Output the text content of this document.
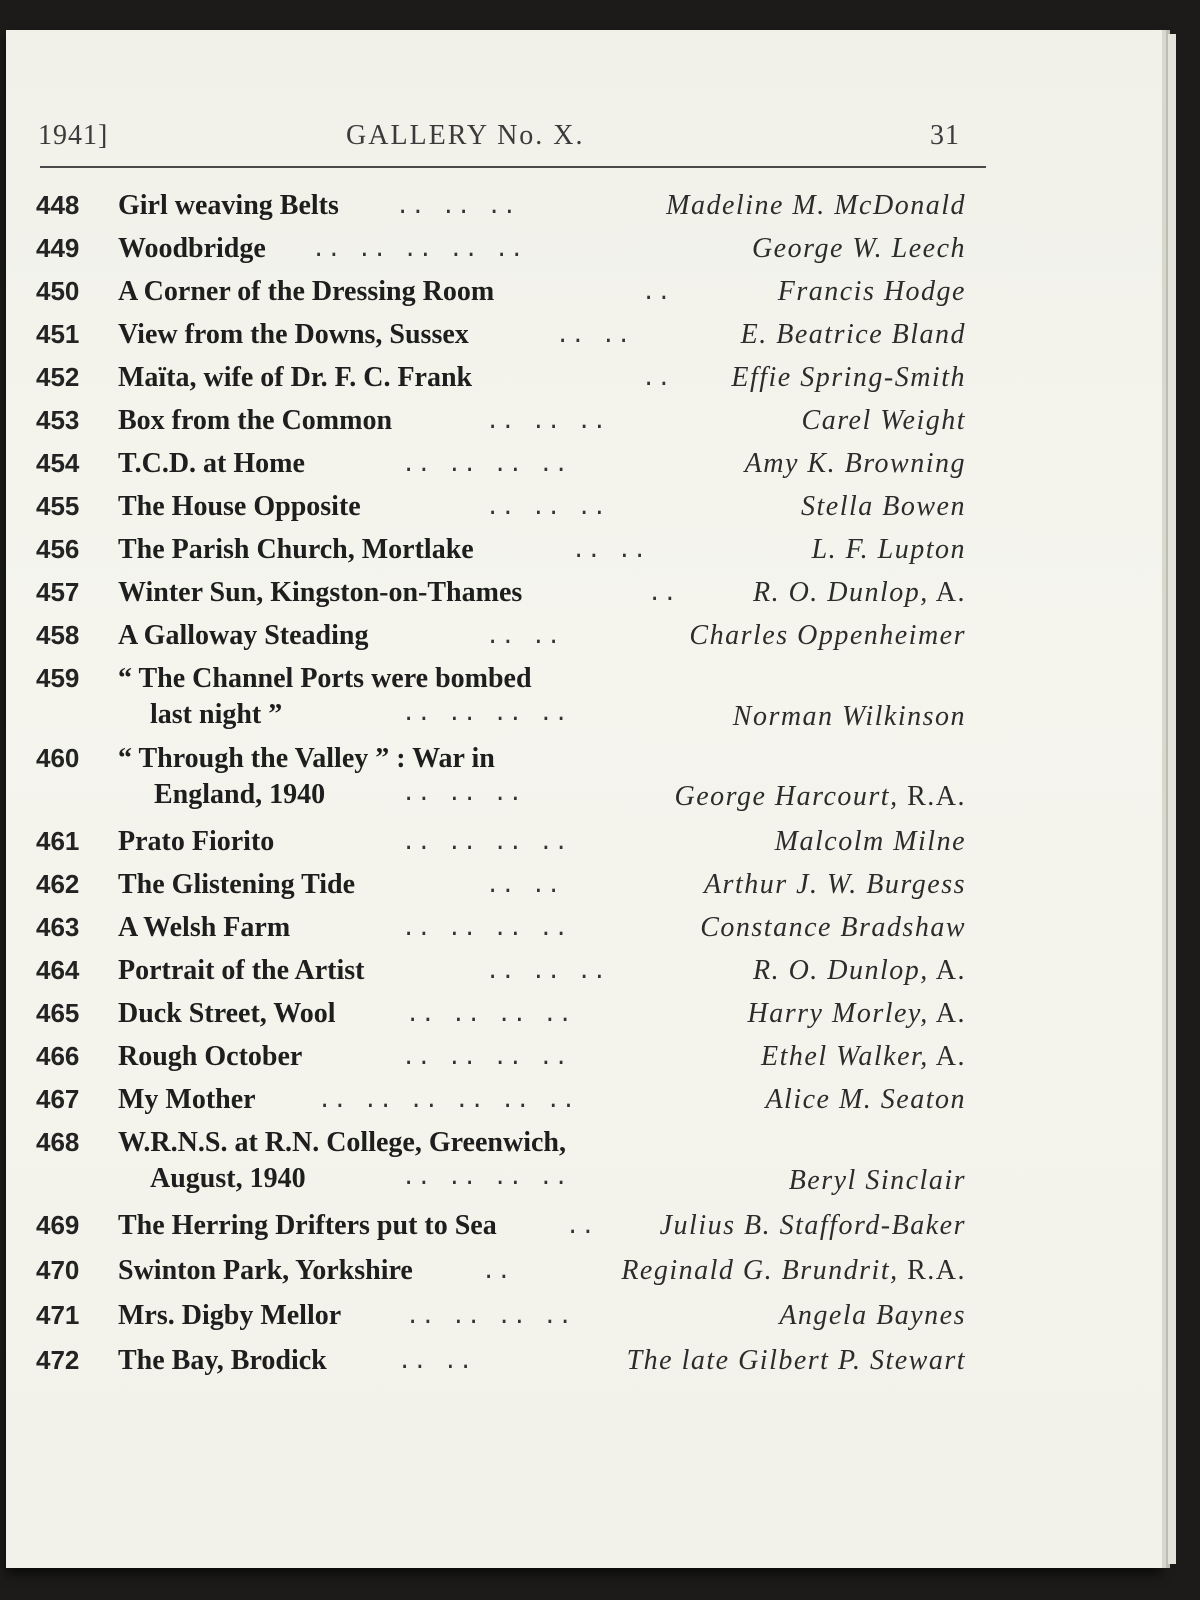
1941]	GALLERY No. X.	31
448	Girl weaving Belts	.. .. ..	Madeline M. McDonald
449	Woodbridge	.. .. .. .. ..	George W. Leech
450	A Corner of the Dressing Room	..	Francis Hodge
451	View from the Downs, Sussex	.. ..	E. Beatrice Bland
452	Maïta, wife of Dr. F. C. Frank	.. Effie Spring-Smith
453	Box from the Common	.. .. ..	Carel Weight
454	T.C.D. at Home	.. .. .. ..	Amy K. Browning
455	The House Opposite	.. .. ..	Stella Bowen
456	The Parish Church, Mortlake	.. ..	L. F. Lupton
457	Winter Sun, Kingston-on-Thames	..	R. O. Dunlop, A.
458	A Galloway Steading	.. ..	Charles Oppenheimer
459	“ The Channel Ports were bombed
last night ”	.. .. .. ..	Norman Wilkinson
460	“ Through the Valley ” : War in
England, 1940	.. .. ..	George Harcourt, R.A.
461	Prato Fiorito	.. .. .. ..	Malcolm Milne
462	The Glistening Tide	.. ..	Arthur J. W. Burgess
463	A Welsh Farm	.. .. .. ..	Constance Bradshaw
464	Portrait of the Artist	.. .. ..	R. O. Dunlop, A.
465	Duck Street, Wool	.. .. .. ..	Harry Morley, A.
466	Rough October	.. .. .. ..	Ethel Walker, A.
467	My Mother	.. .. .. .. .. ..	Alice M. Seaton
468	W.R.N.S. at R.N. College, Greenwich,
August, 1940	.. .. .. ..	Beryl Sinclair
469	The Herring Drifters put to Sea	.. Julius B. Stafford-Baker
470	Swinton Park, Yorkshire	..	Reginald G. Brundrit, R.A.
471	Mrs. Digby Mellor	.. .. .. ..	Angela Baynes
472	The Bay, Brodick	.. ..	The late Gilbert P. Stewart
